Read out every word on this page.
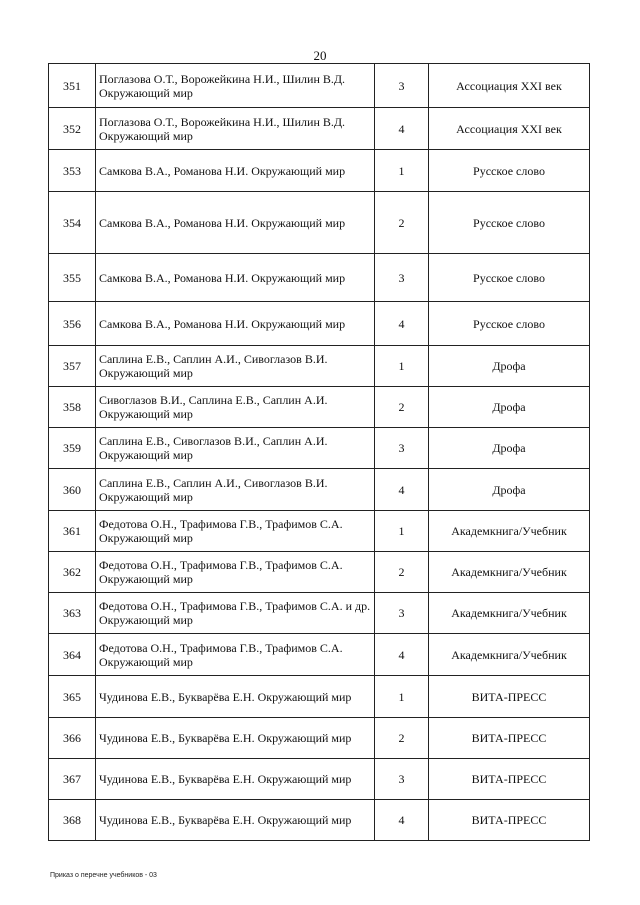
20
351	Поглазова О.Т., Ворожейкина Н.И., Шилин В.Д. Окружающий мир	3	Ассоциация XXI век
352	Поглазова О.Т., Ворожейкина Н.И., Шилин В.Д. Окружающий мир	4	Ассоциация XXI век
353	Самкова В.А., Романова Н.И. Окружающий мир	1	Русское слово
354	Самкова В.А., Романова Н.И. Окружающий мир	2	Русское слово
355	Самкова В.А., Романова Н.И. Окружающий мир	3	Русское слово
356	Самкова В.А., Романова Н.И. Окружающий мир	4	Русское слово
357	Саплина Е.В., Саплин А.И., Сивоглазов В.И. Окружающий мир	1	Дрофа
358	Сивоглазов В.И., Саплина Е.В., Саплин А.И. Окружающий мир	2	Дрофа
359	Саплина Е.В., Сивоглазов В.И., Саплин А.И. Окружающий мир	3	Дрофа
360	Саплина Е.В., Саплин А.И., Сивоглазов В.И. Окружающий мир	4	Дрофа
361	Федотова О.Н., Трафимова Г.В., Трафимов С.А. Окружающий мир	1	Академкнига/Учебник
362	Федотова О.Н., Трафимова Г.В., Трафимов С.А. Окружающий мир	2	Академкнига/Учебник
363	Федотова О.Н., Трафимова Г.В., Трафимов С.А. и др. Окружающий мир	3	Академкнига/Учебник
364	Федотова О.Н., Трафимова Г.В., Трафимов С.А. Окружающий мир	4	Академкнига/Учебник
365	Чудинова Е.В., Букварёва Е.Н. Окружающий мир	1	ВИТА-ПРЕСС
366	Чудинова Е.В., Букварёва Е.Н. Окружающий мир	2	ВИТА-ПРЕСС
367	Чудинова Е.В., Букварёва Е.Н. Окружающий мир	3	ВИТА-ПРЕСС
368	Чудинова Е.В., Букварёва Е.Н. Окружающий мир	4	ВИТА-ПРЕСС
Приказ о перечне учебников - 03
